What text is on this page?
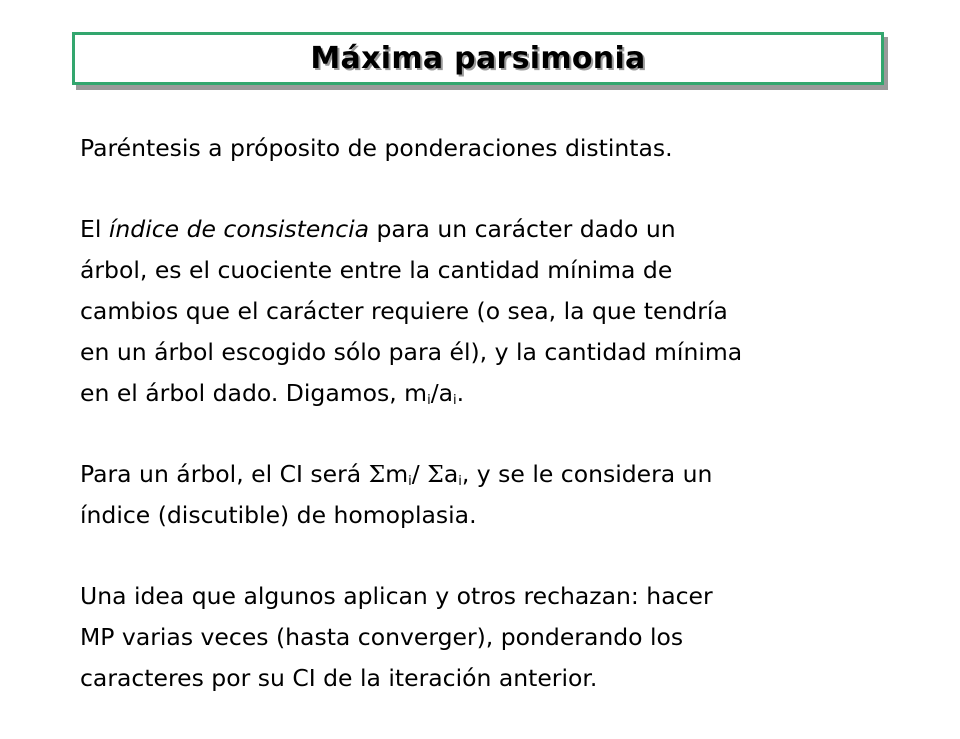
Máxima parsimonia
Paréntesis a próposito de ponderaciones distintas.
El índice de consistencia para un carácter dado un
árbol, es el cuociente entre la cantidad mínima de
cambios que el carácter requiere (o sea, la que tendría
en un árbol escogido sólo para él), y la cantidad mínima
en el árbol dado. Digamos, $m_i/a_i$.
Para un árbol, el CI será $\Sigma m_i/$ $\Sigma a_i$, y se le considera un
índice (discutible) de homoplasia.
Una idea que algunos aplican y otros rechazan: hacer
MP varias veces (hasta converger), ponderando los
caracteres por su CI de la iteración anterior.
